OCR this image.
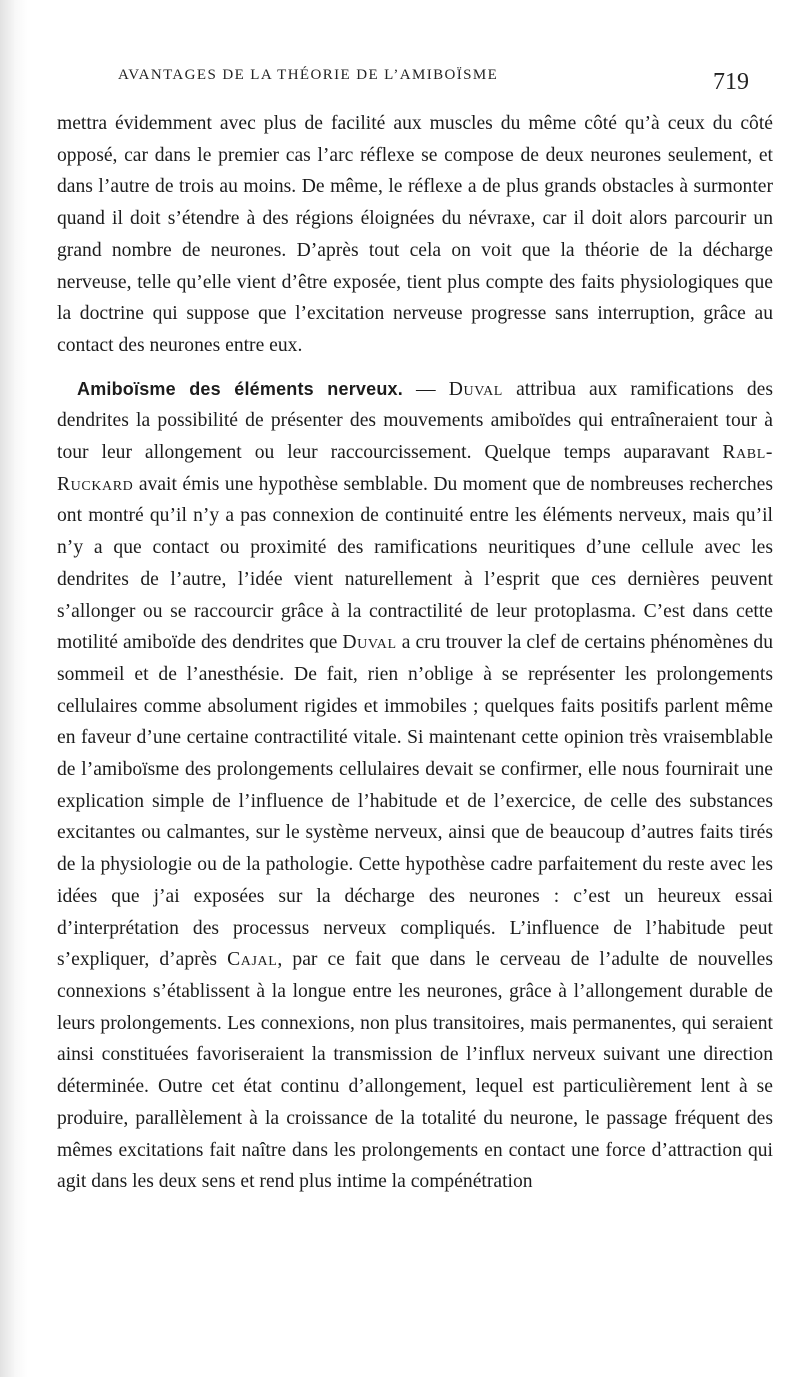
AVANTAGES DE LA THÉORIE DE L’AMIBOÏSME	719

mettra évidemment avec plus de facilité aux muscles du même côté qu’à ceux du côté opposé, car dans le premier cas l’arc réflexe se compose de deux neurones seulement, et dans l’autre de trois au moins. De même, le réflexe a de plus grands obstacles à surmonter quand il doit s’étendre à des régions éloignées du névraxe, car il doit alors parcourir un grand nombre de neurones. D’après tout cela on voit que la théorie de la décharge nerveuse, telle qu’elle vient d’être exposée, tient plus compte des faits physiologiques que la doctrine qui suppose que l’excitation nerveuse progresse sans interruption, grâce au contact des neurones entre eux.

Amiboïsme des éléments nerveux. — Duval attribua aux ramifications des dendrites la possibilité de présenter des mouvements amiboïdes qui entraîneraient tour à tour leur allongement ou leur raccourcissement. Quelque temps auparavant Rabl-Ruckard avait émis une hypothèse semblable. Du moment que de nombreuses recherches ont montré qu’il n’y a pas connexion de continuité entre les éléments nerveux, mais qu’il n’y a que contact ou proximité des ramifications neuritiques d’une cellule avec les dendrites de l’autre, l’idée vient naturellement à l’esprit que ces dernières peuvent s’allonger ou se raccourcir grâce à la contractilité de leur protoplasma. C’est dans cette motilité amiboïde des dendrites que Duval a cru trouver la clef de certains phénomènes du sommeil et de l’anesthésie. De fait, rien n’oblige à se représenter les prolongements cellulaires comme absolument rigides et immobiles ; quelques faits positifs parlent même en faveur d’une certaine contractilité vitale. Si maintenant cette opinion très vraisemblable de l’amiboïsme des prolongements cellulaires devait se confirmer, elle nous fournirait une explication simple de l’influence de l’habitude et de l’exercice, de celle des substances excitantes ou calmantes, sur le système nerveux, ainsi que de beaucoup d’autres faits tirés de la physiologie ou de la pathologie. Cette hypothèse cadre parfaitement du reste avec les idées que j’ai exposées sur la décharge des neurones : c’est un heureux essai d’interprétation des processus nerveux compliqués. L’influence de l’habitude peut s’expliquer, d’après Cajal, par ce fait que dans le cerveau de l’adulte de nouvelles connexions s’établissent à la longue entre les neurones, grâce à l’allongement durable de leurs prolongements. Les connexions, non plus transitoires, mais permanentes, qui seraient ainsi constituées favoriseraient la transmission de l’influx nerveux suivant une direction déterminée. Outre cet état continu d’allongement, lequel est particulièrement lent à se produire, parallèlement à la croissance de la totalité du neurone, le passage fréquent des mêmes excitations fait naître dans les prolongements en contact une force d’attraction qui agit dans les deux sens et rend plus intime la compénétration
